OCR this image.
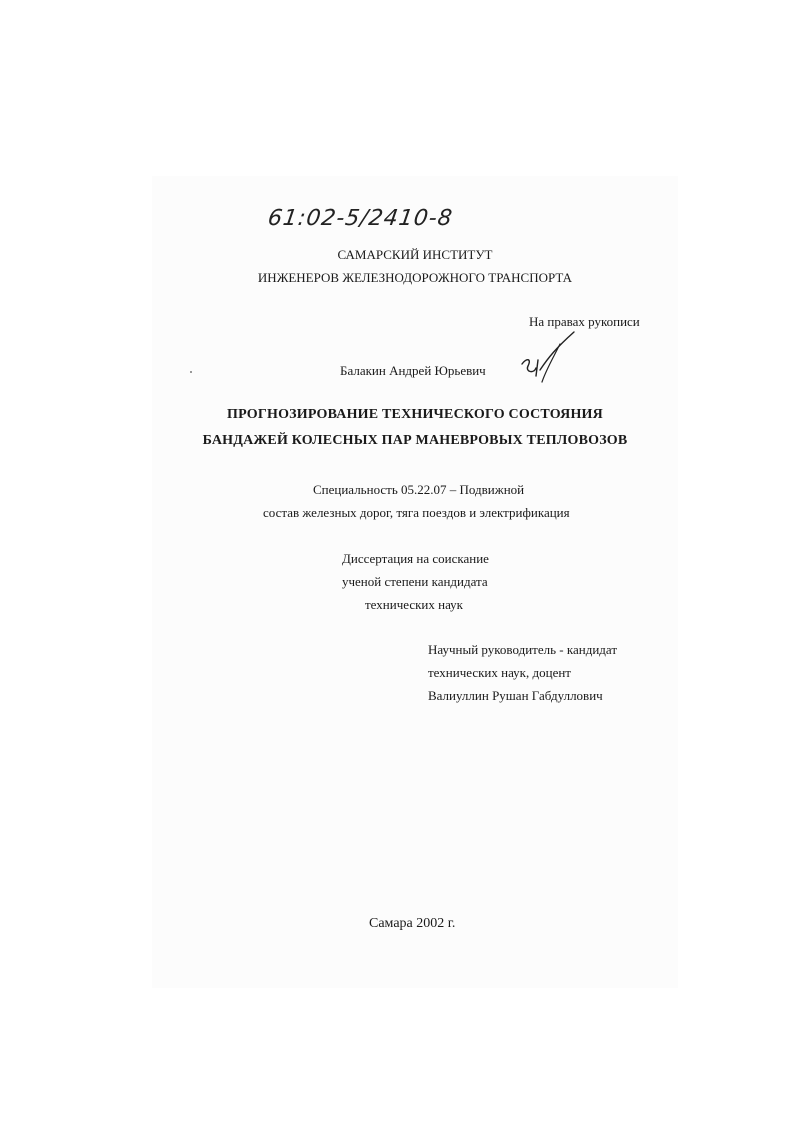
61:02-5/2410-8
САМАРСКИЙ ИНСТИТУТ
ИНЖЕНЕРОВ ЖЕЛЕЗНОДОРОЖНОГО ТРАНСПОРТА
На правах рукописи
Балакин Андрей Юрьевич
ПРОГНОЗИРОВАНИЕ ТЕХНИЧЕСКОГО СОСТОЯНИЯ
БАНДАЖЕЙ КОЛЕСНЫХ ПАР МАНЕВРОВЫХ ТЕПЛОВОЗОВ
Специальность 05.22.07 – Подвижной
состав железных дорог, тяга поездов и электрификация
Диссертация на соискание
ученой степени кандидата
технических наук
Научный руководитель - кандидат
технических наук, доцент
Валиуллин Рушан Габдуллович
Самара 2002 г.
